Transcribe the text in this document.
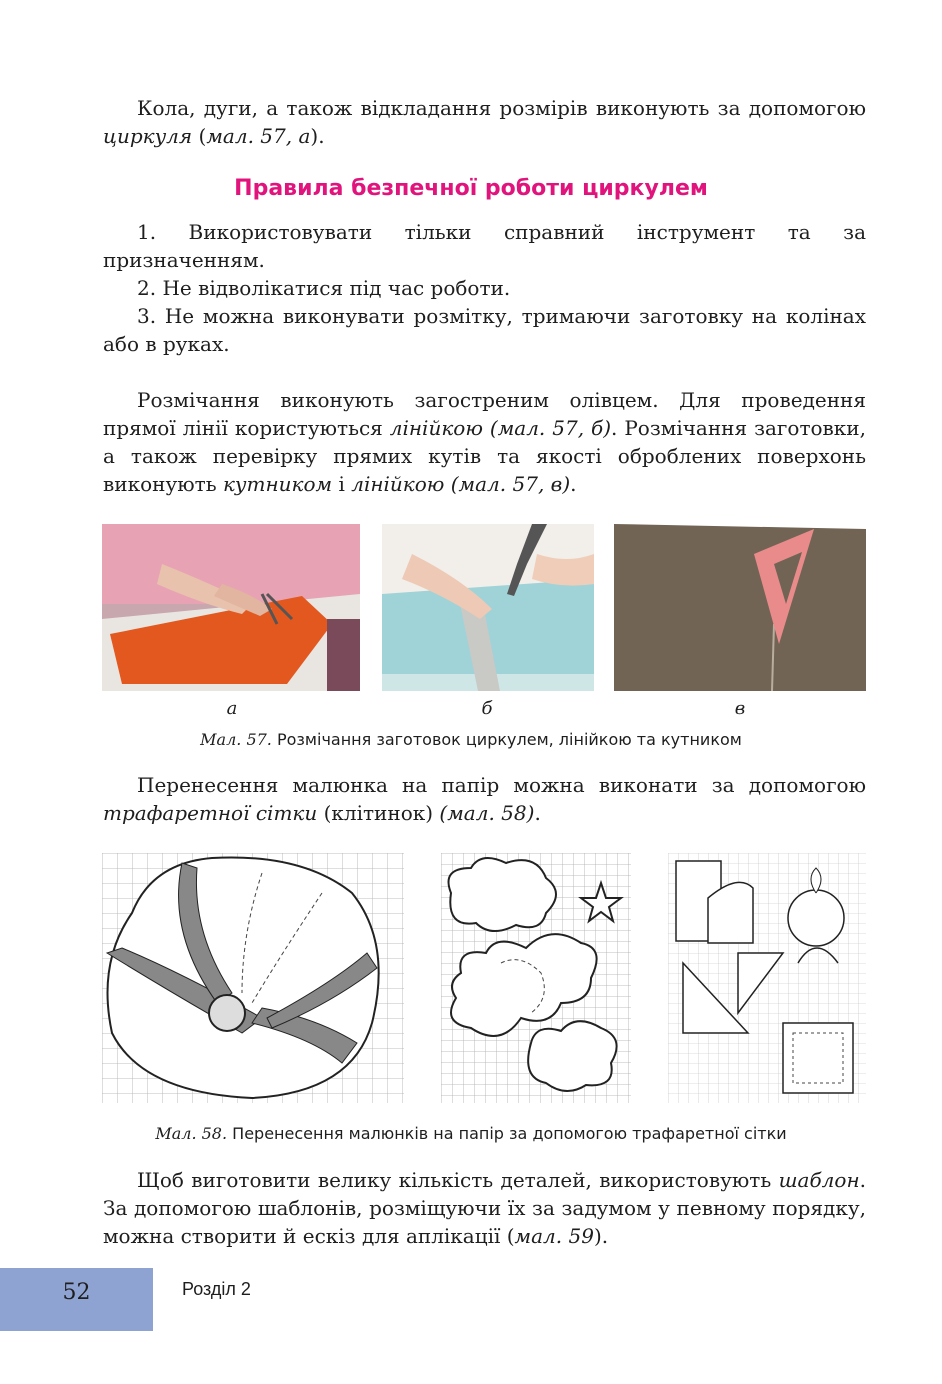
Кола, дуги, а також відкладання розмірів виконують за допомогою циркуля (мал. 57, а).

Правила безпечної роботи циркулем

1. Використовувати тільки справний інструмент та за призначенням.

2. Не відволікатися під час роботи.

3. Не можна виконувати розмітку, тримаючи заготовку на колінах або в руках.

Розмічання виконують загостреним олівцем. Для проведення прямої лінії користуються лінійкою (мал. 57, б). Розмічання заготовки, а також перевірку прямих кутів та якості оброблених поверхонь виконують кутником і лінійкою (мал. 57, в).

а	б	в
Мал. 57. Розмічання заготовок циркулем, лінійкою та кутником

Перенесення малюнка на папір можна виконати за допомогою трафаретної сітки (клітинок) (мал. 58).

Мал. 58. Перенесення малюнків на папір за допомогою трафаретної сітки

Щоб виготовити велику кількість деталей, використовують шаблон. За допомогою шаблонів, розміщуючи їх за задумом у певному порядку, можна створити й ескіз для аплікації (мал. 59).

52	Розділ 2
